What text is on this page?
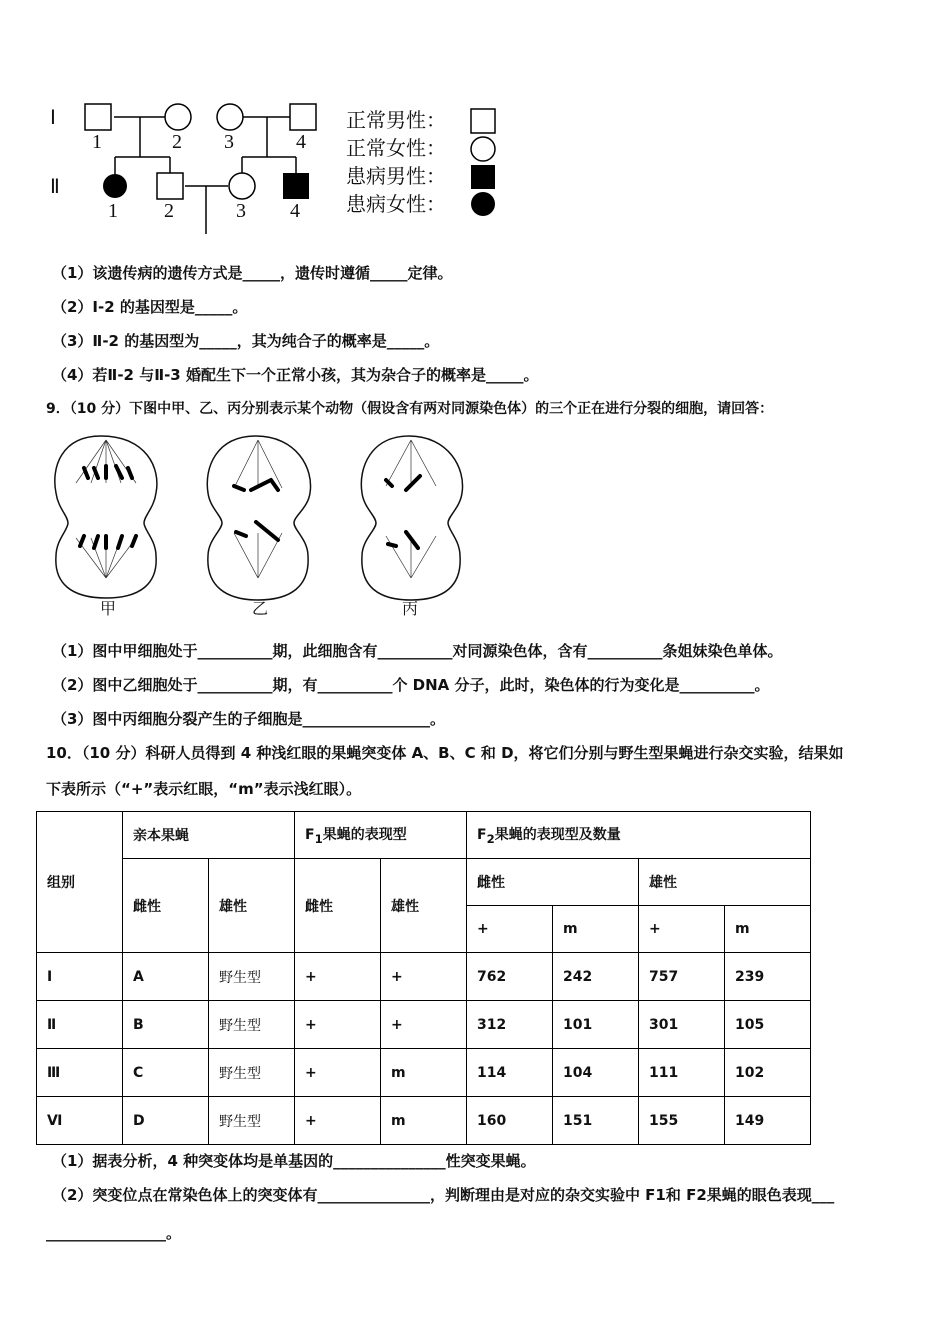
Ⅰ
Ⅱ
1	2 3	4
1 2	3 4
正常男性：
正常女性：
患病男性：
患病女性：
（1）该遗传病的遗传方式是_____，遗传时遵循_____定律。
（2）Ⅰ-2 的基因型是_____。
（3）Ⅱ-2 的基因型为_____，其为纯合子的概率是_____。
（4）若Ⅱ-2 与Ⅱ-3 婚配生下一个正常小孩，其为杂合子的概率是_____。
9．（10 分）下图中甲、乙、丙分别表示某个动物（假设含有两对同源染色体）的三个正在进行分裂的细胞，请回答：
甲	乙	丙
（1）图中甲细胞处于__________期，此细胞含有__________对同源染色体，含有__________条姐妹染色单体。
（2）图中乙细胞处于__________期，有__________个 DNA 分子，此时，染色体的行为变化是__________。
（3）图中丙细胞分裂产生的子细胞是_________________。
10．（10 分）科研人员得到 4 种浅红眼的果蝇突变体 A、B、C 和 D，将它们分别与野生型果蝇进行杂交实验，结果如
下表所示（“+”表示红眼，“m”表示浅红眼）。
组别	亲本果蝇		$F_1$果蝇的表现型		$F_2$果蝇的表现型及数量			
	雌性	雄性	雌性	雄性	雌性		雄性	
					+	m	+	m
Ⅰ	A	野生型	+	+	762	242	757	239
Ⅱ	B	野生型	+	+	312	101	301	105
Ⅲ	C	野生型	+	m	114	104	111	102
Ⅵ	D	野生型	+	m	160	151	155	149
（1）据表分析，4 种突变体均是单基因的_______________性突变果蝇。
（2）突变位点在常染色体上的突变体有_______________，判断理由是对应的杂交实验中 F1和 F2果蝇的眼色表现___
________________。
